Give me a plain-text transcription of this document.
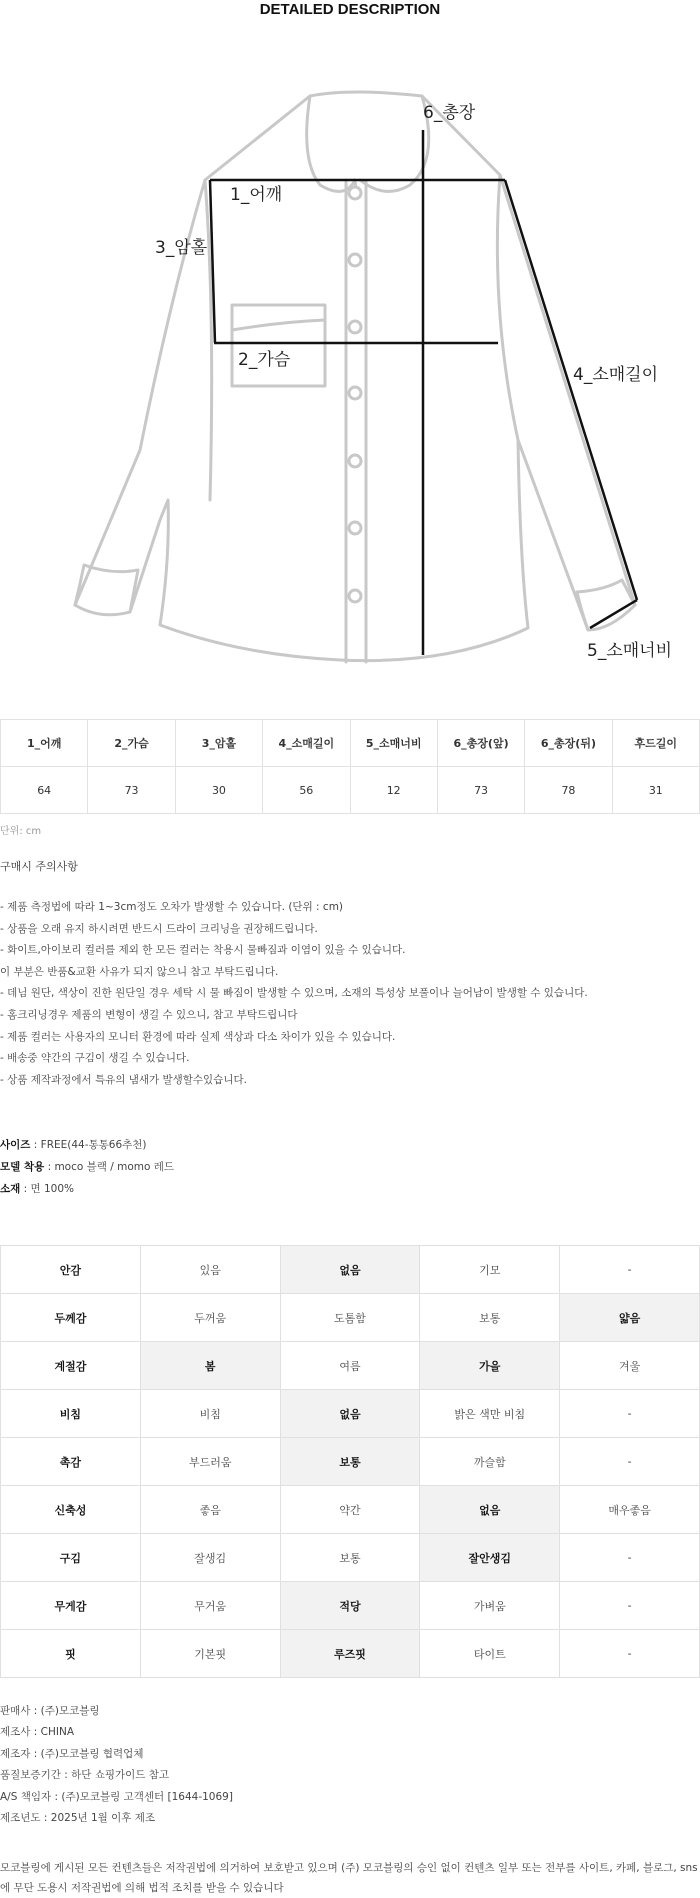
DETAILED DESCRIPTION
1_어깨
2_가슴
3_암홀
4_소매길이
5_소매너비
6_총장
1_어깨	2_가슴	3_암홀	4_소매길이	5_소매너비	6_총장(앞)	6_총장(뒤)	후드길이
64	73	30	56	12	73	78	31
단위: cm
구매시 주의사항
- 제품 측정법에 따라 1~3cm정도 오차가 발생할 수 있습니다. (단위 : cm)
- 상품을 오래 유지 하시려면 반드시 드라이 크리닝을 권장해드립니다.
- 화이트,아이보리 컬러를 제외 한 모든 컬러는 착용시 물빠짐과 이염이 있을 수 있습니다.
이 부분은 반품&교환 사유가 되지 않으니 참고 부탁드립니다.
- 데님 원단, 색상이 진한 원단일 경우 세탁 시 물 빠짐이 발생할 수 있으며, 소재의 특성상 보풀이나 늘어남이 발생할 수 있습니다.
- 홈크리닝경우 제품의 변형이 생길 수 있으니, 참고 부탁드립니다
- 제품 컬러는 사용자의 모니터 환경에 따라 실제 색상과 다소 차이가 있을 수 있습니다.
- 배송중 약간의 구김이 생길 수 있습니다.
- 상품 제작과정에서 특유의 냄새가 발생할수있습니다.
사이즈 : FREE(44-통통66추천)
모델 착용 : moco 블랙 / momo 레드
소재 : 면 100%
안감	있음	없음	기모	-
두께감	두꺼움	도톰함	보통	얇음
계절감	봄	여름	가을	겨울
비침	비침	없음	밝은 색만 비침	-
촉감	부드러움	보통	까슬함	-
신축성	좋음	약간	없음	매우좋음
구김	잘생김	보통	잘안생김	-
무게감	무거움	적당	가벼움	-
핏	기본핏	루즈핏	타이트	-
판매사 : (주)모코블링
제조사 : CHINA
제조자 : (주)모코블링 협력업체
품질보증기간 : 하단 쇼핑가이드 참고
A/S 책임자 : (주)모코블링 고객센터 [1644-1069]
제조년도 : 2025년 1월 이후 제조
모코블링에 게시된 모든 컨텐츠들은 저작권법에 의거하여 보호받고 있으며 (주) 모코블링의 승인 없이 컨텐츠 일부 또는 전부를 사이트, 카페, 블로그, sns에 무단 도용시 저작권법에 의해 법적 조치를 받을 수 있습니다
